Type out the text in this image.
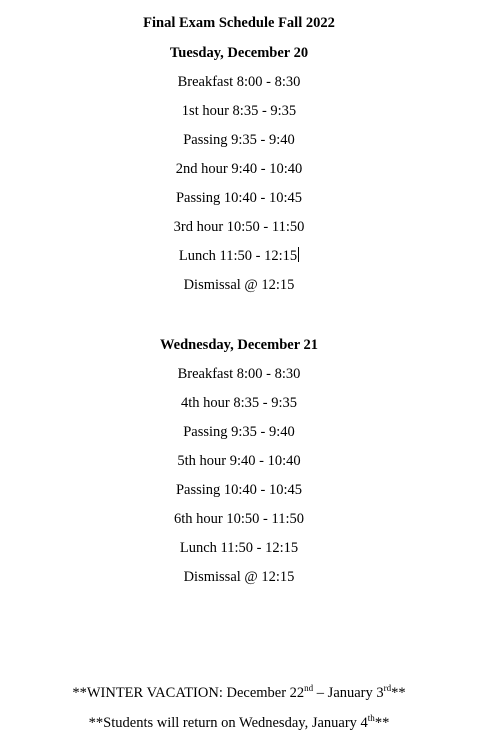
Final Exam Schedule Fall 2022
Tuesday, December 20
Breakfast 8:00 - 8:30
1st hour 8:35 - 9:35
Passing 9:35 - 9:40
2nd hour 9:40 - 10:40
Passing 10:40 - 10:45
3rd hour 10:50 - 11:50
Lunch 11:50 - 12:15
Dismissal @ 12:15
Wednesday, December 21
Breakfast 8:00 - 8:30
4th hour 8:35 - 9:35
Passing 9:35 - 9:40
5th hour 9:40 - 10:40
Passing 10:40 - 10:45
6th hour 10:50 - 11:50
Lunch 11:50 - 12:15
Dismissal @ 12:15
**WINTER VACATION: December 22nd – January 3rd**
**Students will return on Wednesday, January 4th**
